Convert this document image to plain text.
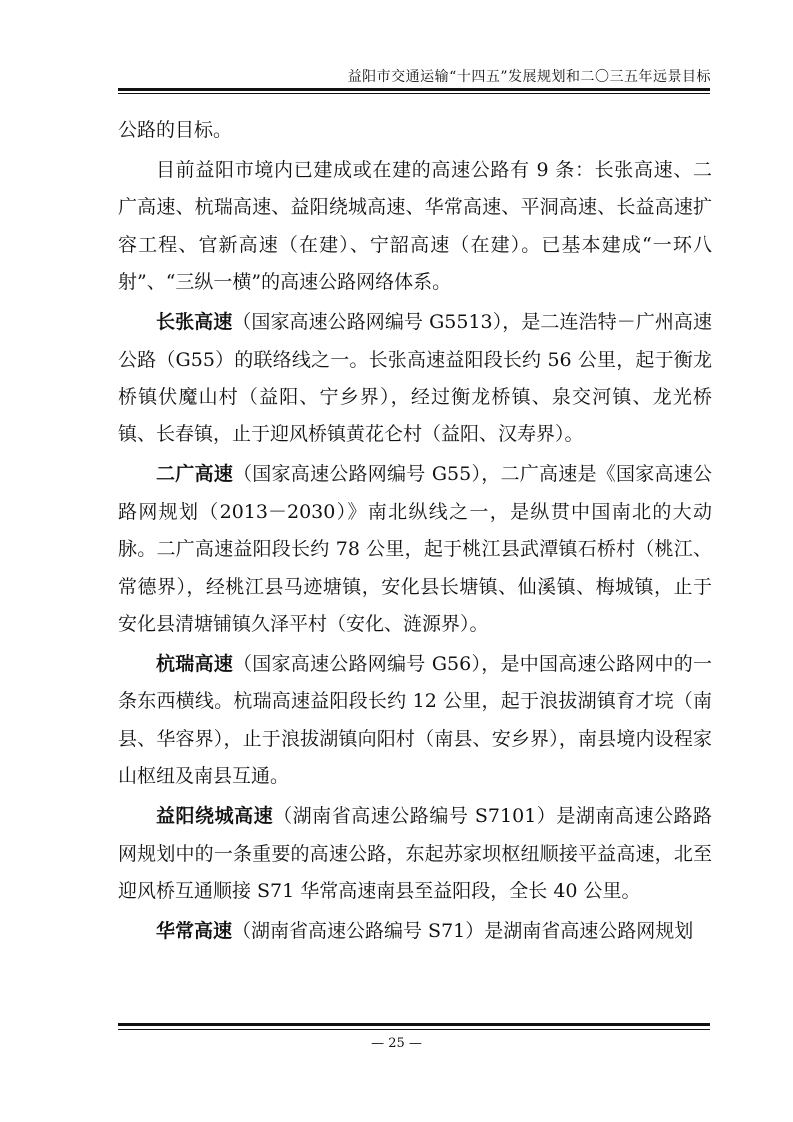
益阳市交通运输“十四五”发展规划和二〇三五年远景目标

公路的目标。

目前益阳市境内已建成或在建的高速公路有 9 条：长张高速、二广高速、杭瑞高速、益阳绕城高速、华常高速、平洞高速、长益高速扩容工程、官新高速（在建）、宁韶高速（在建）。已基本建成“一环八射”、“三纵一横”的高速公路网络体系。

长张高速（国家高速公路网编号 G5513），是二连浩特－广州高速公路（G55）的联络线之一。长张高速益阳段长约 56 公里，起于衡龙桥镇伏魔山村（益阳、宁乡界），经过衡龙桥镇、泉交河镇、龙光桥镇、长春镇，止于迎风桥镇黄花仑村（益阳、汉寿界）。

二广高速（国家高速公路网编号 G55），二广高速是《国家高速公路网规划（2013－2030）》南北纵线之一，是纵贯中国南北的大动脉。二广高速益阳段长约 78 公里，起于桃江县武潭镇石桥村（桃江、常德界），经桃江县马迹塘镇，安化县长塘镇、仙溪镇、梅城镇，止于安化县清塘铺镇久泽平村（安化、涟源界）。

杭瑞高速（国家高速公路网编号 G56），是中国高速公路网中的一条东西横线。杭瑞高速益阳段长约 12 公里，起于浪拔湖镇育才垸（南县、华容界），止于浪拔湖镇向阳村（南县、安乡界），南县境内设程家山枢纽及南县互通。

益阳绕城高速（湖南省高速公路编号 S7101）是湖南高速公路路网规划中的一条重要的高速公路，东起苏家坝枢纽顺接平益高速，北至迎风桥互通顺接 S71 华常高速南县至益阳段，全长 40 公里。

华常高速（湖南省高速公路编号 S71）是湖南省高速公路网规划

— 25 —
